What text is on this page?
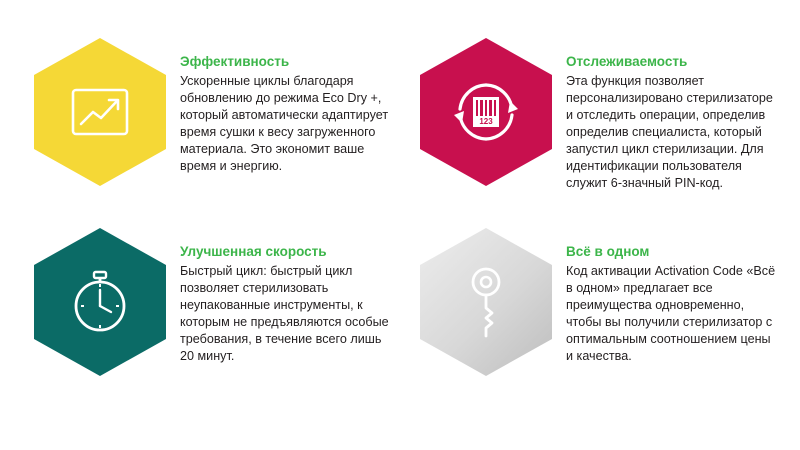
Эффективность

Ускоренные циклы благодаря обновлению до режима Eco Dry +, который автоматически адаптирует время сушки к весу загруженного материала. Это экономит ваше время и энергию.

123

Отслеживаемость

Эта функция позволяет персонализировано стерилизаторе и отследить операции, определив определив специалиста, который запустил цикл стерилизации. Для идентификации пользователя служит 6-значный PIN-код.

Улучшенная скорость

Быстрый цикл: быстрый цикл позволяет стерилизовать неупакованные инструменты, к которым не предъявляются особые требования, в течение всего лишь 20 минут.

Всё в одном

Код активации Activation Code «Всё в одном» предлагает все преимущества одновременно, чтобы вы получили стерилизатор с оптимальным соотношением цены и качества.
